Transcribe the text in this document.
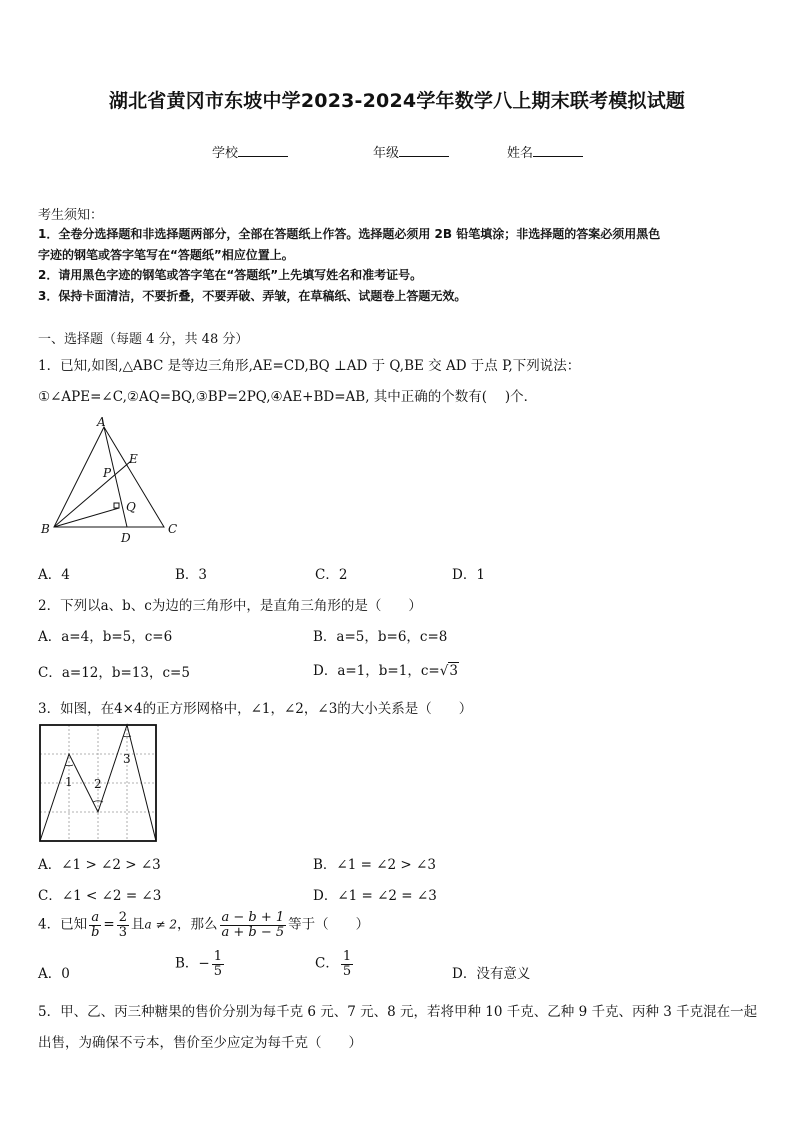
湖北省黄冈市东坡中学2023-2024学年数学八上期末联考模拟试题
学校	年级	姓名
考生须知：
1．全卷分选择题和非选择题两部分，全部在答题纸上作答。选择题必须用 2B 铅笔填涂；非选择题的答案必须用黑色
字迹的钢笔或答字笔写在“答题纸”相应位置上。
2．请用黑色字迹的钢笔或答字笔在“答题纸”上先填写姓名和准考证号。
3．保持卡面清洁，不要折叠，不要弄破、弄皱，在草稿纸、试题卷上答题无效。
一、选择题（每题 4 分，共 48 分）
1．已知,如图,△ABC 是等边三角形,AE=CD,BQ ⊥AD 于 Q,BE 交 AD 于点 P,下列说法：
①∠APE=∠C,②AQ=BQ,③BP=2PQ,④AE+BD=AB, 其中正确的个数有(　 )个．
A
B	C
D
E
P
Q
A．4	B．3	C．2	D．1
2．下列以a、b、c为边的三角形中，是直角三角形的是（　　）
A．a=4，b=5，c=6	B．a=5，b=6，c=8
C．a=12，b=13，c=5	D．a=1，b=1，c=√3
3．如图，在4×4的正方形网格中，∠1，∠2，∠3的大小关系是（　　）
1 2
3
A．∠1 > ∠2 > ∠3	B．∠1 = ∠2 > ∠3
C．∠1 < ∠2 = ∠3	D．∠1 = ∠2 = ∠3
4．已知 $\frac{a}{b} = \frac{2}{3}$ 且a ≠ 2，那么 $\frac{a - b + 1}{a + b - 5}$ 等于（　　）
A．0
B．− $\frac{1}{5}$	C． $\frac{1}{5}$	D．没有意义
5．甲、乙、丙三种糖果的售价分别为每千克 6 元、7 元、8 元，若将甲种 10 千克、乙种 9 千克、丙种 3 千克混在一起
出售，为确保不亏本，售价至少应定为每千克（　　）
